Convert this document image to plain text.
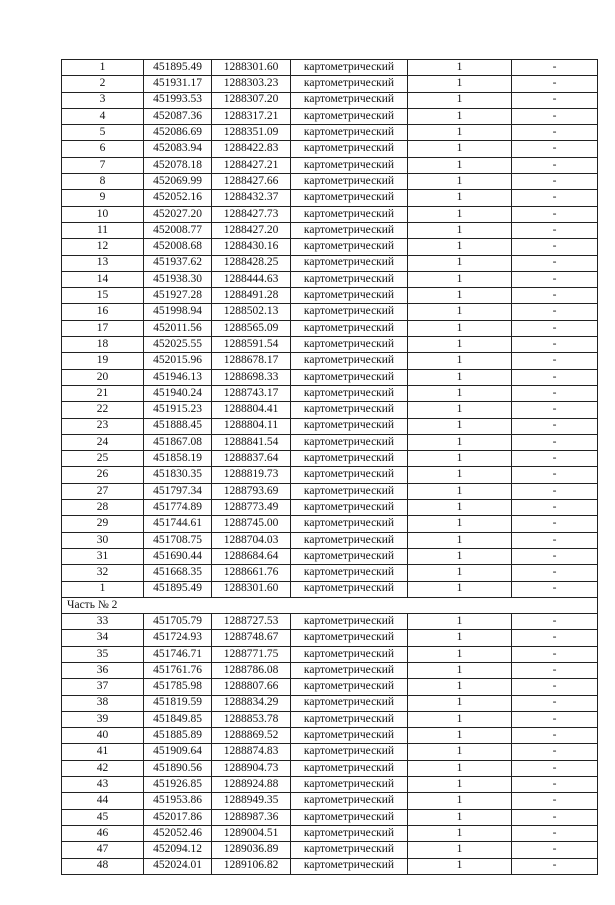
1	451895.49	1288301.60	картометрический	1	-
2	451931.17	1288303.23	картометрический	1	-
3	451993.53	1288307.20	картометрический	1	-
4	452087.36	1288317.21	картометрический	1	-
5	452086.69	1288351.09	картометрический	1	-
6	452083.94	1288422.83	картометрический	1	-
7	452078.18	1288427.21	картометрический	1	-
8	452069.99	1288427.66	картометрический	1	-
9	452052.16	1288432.37	картометрический	1	-
10	452027.20	1288427.73	картометрический	1	-
11	452008.77	1288427.20	картометрический	1	-
12	452008.68	1288430.16	картометрический	1	-
13	451937.62	1288428.25	картометрический	1	-
14	451938.30	1288444.63	картометрический	1	-
15	451927.28	1288491.28	картометрический	1	-
16	451998.94	1288502.13	картометрический	1	-
17	452011.56	1288565.09	картометрический	1	-
18	452025.55	1288591.54	картометрический	1	-
19	452015.96	1288678.17	картометрический	1	-
20	451946.13	1288698.33	картометрический	1	-
21	451940.24	1288743.17	картометрический	1	-
22	451915.23	1288804.41	картометрический	1	-
23	451888.45	1288804.11	картометрический	1	-
24	451867.08	1288841.54	картометрический	1	-
25	451858.19	1288837.64	картометрический	1	-
26	451830.35	1288819.73	картометрический	1	-
27	451797.34	1288793.69	картометрический	1	-
28	451774.89	1288773.49	картометрический	1	-
29	451744.61	1288745.00	картометрический	1	-
30	451708.75	1288704.03	картометрический	1	-
31	451690.44	1288684.64	картометрический	1	-
32	451668.35	1288661.76	картометрический	1	-
1	451895.49	1288301.60	картометрический	1	-
Часть № 2					
33	451705.79	1288727.53	картометрический	1	-
34	451724.93	1288748.67	картометрический	1	-
35	451746.71	1288771.75	картометрический	1	-
36	451761.76	1288786.08	картометрический	1	-
37	451785.98	1288807.66	картометрический	1	-
38	451819.59	1288834.29	картометрический	1	-
39	451849.85	1288853.78	картометрический	1	-
40	451885.89	1288869.52	картометрический	1	-
41	451909.64	1288874.83	картометрический	1	-
42	451890.56	1288904.73	картометрический	1	-
43	451926.85	1288924.88	картометрический	1	-
44	451953.86	1288949.35	картометрический	1	-
45	452017.86	1288987.36	картометрический	1	-
46	452052.46	1289004.51	картометрический	1	-
47	452094.12	1289036.89	картометрический	1	-
48	452024.01	1289106.82	картометрический	1	-
